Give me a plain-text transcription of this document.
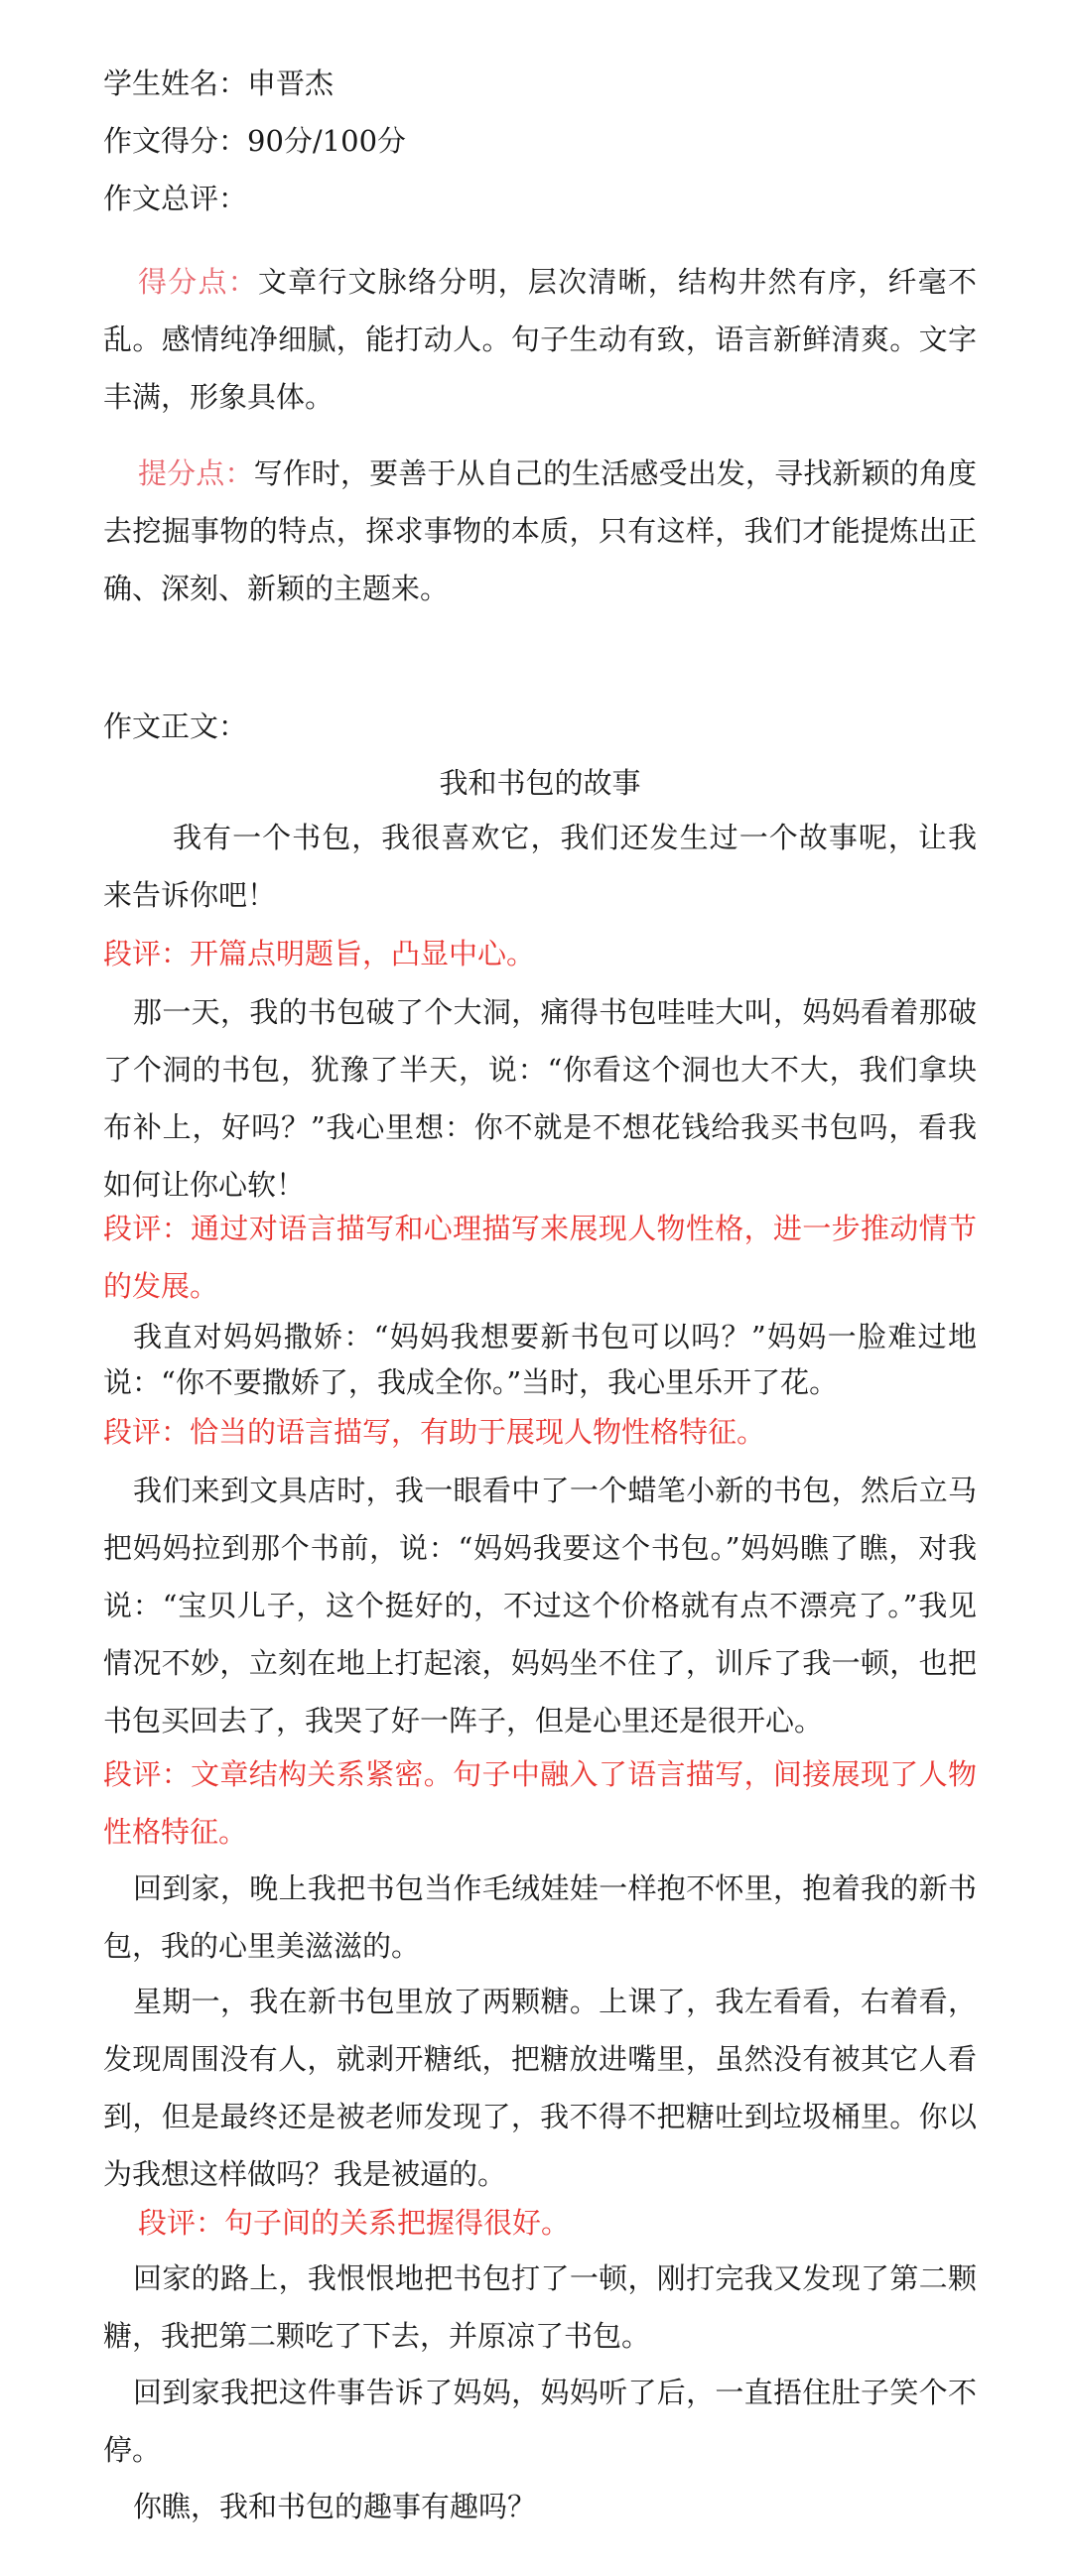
学生姓名：申晋杰
作文得分：90分/100分
作文总评：
得分点：文章行文脉络分明，层次清晰，结构井然有序，纤毫不乱。感情纯净细腻，能打动人。句子生动有致，语言新鲜清爽。文字丰满，形象具体。
提分点：写作时，要善于从自己的生活感受出发，寻找新颖的角度去挖掘事物的特点，探求事物的本质，只有这样，我们才能提炼出正确、深刻、新颖的主题来。
作文正文：
我和书包的故事
我有一个书包，我很喜欢它，我们还发生过一个故事呢，让我来告诉你吧！
段评：开篇点明题旨，凸显中心。
那一天，我的书包破了个大洞，痛得书包哇哇大叫，妈妈看着那破了个洞的书包，犹豫了半天，说：“你看这个洞也大不大，我们拿块布补上，好吗？”我心里想：你不就是不想花钱给我买书包吗，看我如何让你心软！
段评：通过对语言描写和心理描写来展现人物性格，进一步推动情节的发展。
我直对妈妈撒娇：“妈妈我想要新书包可以吗？”妈妈一脸难过地说：“你不要撒娇了，我成全你。”当时，我心里乐开了花。
段评：恰当的语言描写，有助于展现人物性格特征。
我们来到文具店时，我一眼看中了一个蜡笔小新的书包，然后立马把妈妈拉到那个书前，说：“妈妈我要这个书包。”妈妈瞧了瞧，对我说：“宝贝儿子，这个挺好的，不过这个价格就有点不漂亮了。”我见情况不妙，立刻在地上打起滚，妈妈坐不住了，训斥了我一顿，也把书包买回去了，我哭了好一阵子，但是心里还是很开心。
段评：文章结构关系紧密。句子中融入了语言描写，间接展现了人物性格特征。
回到家，晚上我把书包当作毛绒娃娃一样抱不怀里，抱着我的新书包，我的心里美滋滋的。
星期一，我在新书包里放了两颗糖。上课了，我左看看，右着看，发现周围没有人，就剥开糖纸，把糖放进嘴里，虽然没有被其它人看到，但是最终还是被老师发现了，我不得不把糖吐到垃圾桶里。你以为我想这样做吗？我是被逼的。
段评：句子间的关系把握得很好。
回家的路上，我恨恨地把书包打了一顿，刚打完我又发现了第二颗糖，我把第二颗吃了下去，并原凉了书包。
回到家我把这件事告诉了妈妈，妈妈听了后，一直捂住肚子笑个不停。
你瞧，我和书包的趣事有趣吗？
